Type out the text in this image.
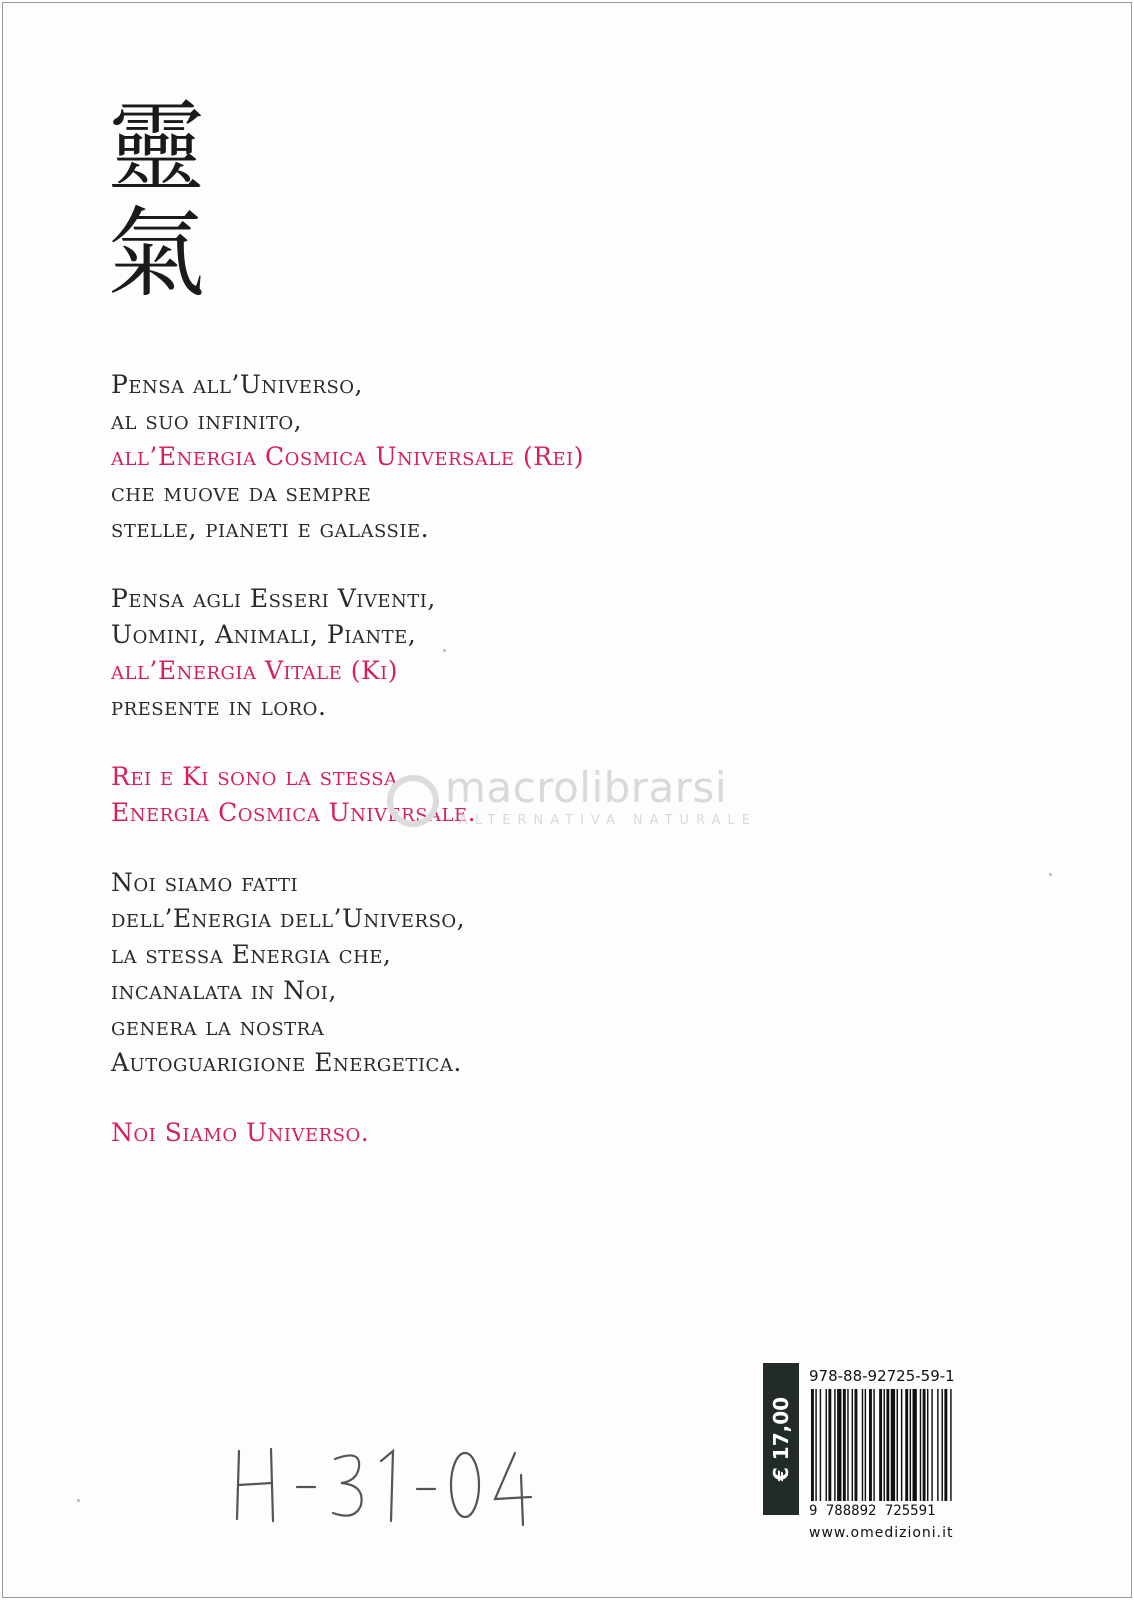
靈
氣
Pensa all’Universo,
al suo infinito,
all’Energia Cosmica Universale (Rei)
che muove da sempre
stelle, pianeti e galassie.
Pensa agli Esseri Viventi,
Uomini, Animali, Piante,
all’Energia Vitale (Ki)
presente in loro.
Rei e Ki sono la stessa
Energia Cosmica Universale.
Noi siamo fatti
dell’Energia dell’Universo,
la stessa Energia che,
incanalata in Noi,
genera la nostra
Autoguarigione Energetica.
Noi Siamo Universo.
macrolibrarsi
ALTERNATIVA NATURALE
€ 17,00
978-88-92725-59-1
9 788892 725591
www.omedizioni.it
